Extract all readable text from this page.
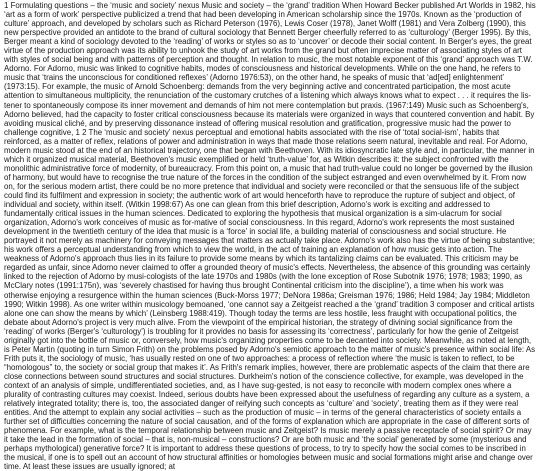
1 Formulating questions – the ‘music and society’ nexus Music and society – the ‘grand’ tradition When Howard Becker published Art Worlds in 1982, his ‘art as a form of work’ perspective publicized a trend that had been developing in American scholarship since the 1970s. Known as the ‘production of culture’ approach, and developed by scholars such as Richard Peterson (1976), Lewis Coser (1978), Janet Wolff (1981) and Vera Zolberg (1990), this new perspective provided an antidote to the brand of cultural sociology that Bennett Berger cheerfully referred to as ‘culturology’ (Berger 1995). By this, Berger meant a kind of sociology devoted to the ‘reading’ of works or styles so as to ‘uncover’ or decode their social content. In Berger's eyes, the great virtue of the production approach was its ability to unhook the study of art works from the grand but often imprecise matter of associating styles of art with styles of social being and with patterns of perception and thought. In relation to music, the most notable exponent of this ‘grand’ approach was T.W. Adorno. For Adorno, music was linked to cognitive habits, modes of consciousness and historical developments. While on the one hand, he refers to music that ‘trains the unconscious for conditioned reflexes’ (Adorno 1976:53), on the other hand, he speaks of music that ‘ad[ed] enlightenment’ (1973:15). For example, the music of Arnold Schoenberg: demands from the very beginning active and concentrated participation, the most acute attention to simultaneous multiplicity, the renunciation of the customary crutches of a listening which always knows what to expect . . . it requires the lis-tener to spontaneously compose its inner movement and demands of him not mere contemplation but praxis. (1967:149) Music such as Schoenberg's, Adorno believed, had the capacity to foster critical consciousness because its materials were organized in ways that countered convention and habit. By avoiding musical cliché, and by preserving dissonance instead of offering musical resolution and gratification, progressive music had the power to challenge cognitive, 1 2 The ‘music and society’ nexus perceptual and emotional habits associated with the rise of ‘total social-ism’, habits that reinforced, as a matter of reflex, relations of power and administration in ways that made those relations seem natural, inevitable and real. For Adorno, modern music stood at the end of an historical trajectory, one that began with Beethoven. With its idiosyncratic late style and, in particular, the manner in which it organized musical material, Beethoven's music exemplified or held ‘truth-value’ for, as Witkin describes it: the subject confronted with the monolithic administrative force of modernity, of bureaucracy. From this point on, a music that had truth-value could no longer be governed by the illusion of harmony, but would have to recognise the true nature of the forces in the condition of the subject estranged and even overwhelmed by it. From now on, for the serious modern artist, there could be no more pretence that individual and society were reconciled or that the sensuous life of the subject could find its fulfilment and expression in society; the authentic work of art would henceforth have to reproduce the rupture of subject and object, of individual and society, within itself. (Witkin 1998:67) As one can glean from this brief description, Adorno's work is exciting and addressed to fundamentally critical issues in the human sciences. Dedicated to exploring the hypothesis that musical organization is a sim-ulacrum for social organization, Adorno's work conceives of music as for-mative of social consciousness. In this regard, Adorno's work represents the most sustained development in the twentieth century of the idea that music is a ‘force’ in social life, a building material of consciousness and social structure. He portrayed it not merely as machinery for conveying messages that matters as actually take place. Adorno's work also has the virtue of being substantive; his work offers a perceptual understanding from which to view the world, in the act of training an explanation of how music gets into action. The weakness of Adorno's approach thus lies in its failure to provide some means by which its tantalizing claims can be evaluated. This criticism may be regarded as unfair, since Adorno never claimed to offer a grounded theory of music's effects. Nevertheless, the absence of this grounding was certainly linked to the rejection of Adorno by musi-cologists of the late 1970s and 1980s (with the lone exception of Rose Subotnik 1976; 1978; 1983; 1990, as McClary notes (1991:175n), was ‘severely chastised for having thus brought Continental criticism into the discipline’), a time when his work was otherwise enjoying a resurgence within the human sciences (Buck-Morss 1977; DeNora 1986a; Greisman 1976; 1986; Held 1984; Jay 1984; Middleton 1990; Witkin 1998). As one writer within musicology bemoaned, ‘one cannot say a Zeitgeist reached a the ‘grand’ tradition 3 composer and critical artists alone one can show the means by which’ (Leinsberg 1988:419). Though today the terms are less hostile, less fraught with occupational politics, the debate about Adorno's project is very much alive. From the viewpoint of the empirical historian, the strategy of divining social significance from the ‘reading’ of works (Berger's ‘culturology’) is troubling for it provides no basis for assessing its ‘correctness’, particularly for how the genie of Zeitgeist originally got into the bottle of music or, conversely, how music's organizing properties come to be decanted into society. Meanwhile, as noted at length, is Peter Martin (quoting in turn Simon Frith) on the problems posed by Adorno's semiotic approach to the matter of music's presence within social life: As Frith puts it, the sociology of music, ‘has usually rested on one of two approaches: a process of reflection where ‘the music is taken to reflect, to be “homologous” to, the society or social group that makes it’. As Frith's remark implies, however, there are problematic aspects of the claim that there are close connections between sound structures and social structures. Durkheim's notion of the conscience collective, for example, was developed in the context of an analysis of simple, undifferentiated societies, and, as I have sug-gested, is not easy to reconcile with modern complex ones where a plurality of contrasting cultures may coexist. Indeed, serious doubts have been expressed about the usefulness of regarding any culture as a system, a relatively integrated totality; there is, too, the associated danger of reifying such concepts as ‘culture’ and ‘society’, treating them as if they were real entities. And the attempt to explain any social activities – such as the production of music – in terms of the general characteristics of society entails a further set of difficulties concerning the nature of social causation, and of the forms of explanation which are appropriate in the case of different sorts of phenomena. For example, what is the temporal relationship between music and Zeitgeist? Is music merely a passive receptacle of social spirit? Or may it take the lead in the formation of social – that is, non-musical – constructions? Or are both music and ‘the social’ generated by some (mysterious and perhaps mythological) generative force? It is important to address these questions of process, to try to specify how the social comes to be inscribed in the musical, if one is to spell out an account of how structural affinities or homologies between music and social formations might arise and change over time. At least these issues are usually ignored; at
